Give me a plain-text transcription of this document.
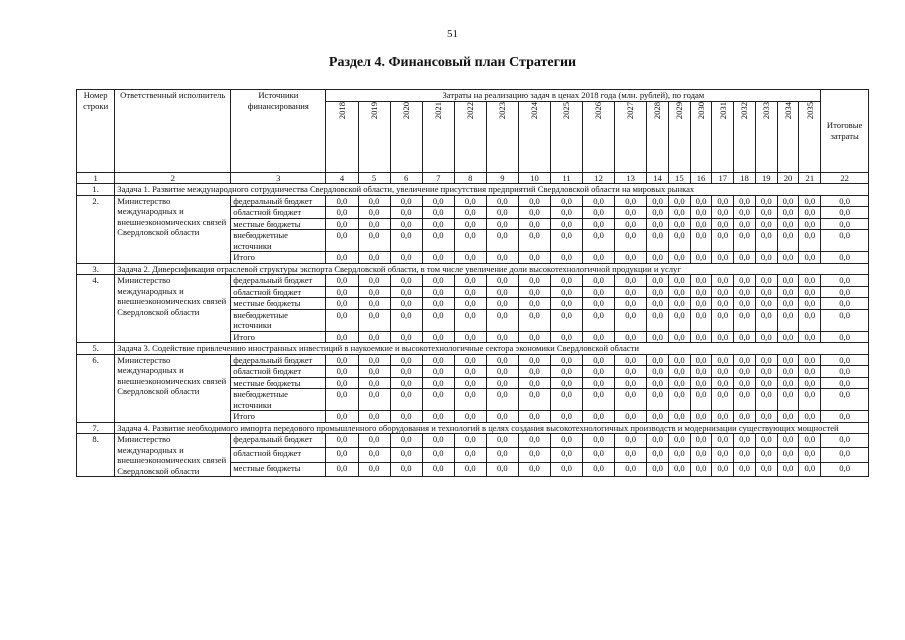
51
Раздел 4. Финансовый план Стратегии
Номер строки	Ответственный исполнитель	Источники финансирования	Затраты на реализацию задач в ценах 2018 года (млн. рублей), по годам																		Итоговые затраты
			2018	2019	2020	2021	2022	2023	2024	2025	2026	2027	2028	2029	2030	2031	2032	2033	2034	2035	
1	2	3	4	5	6	7	8	9	10	11	12	13	14	15	16	17	18	19	20	21	22
1.	Задача 1. Развитие международного сотрудничества Свердловской области, увеличение присутствия предприятий Свердловской области на мировых рынках																				
2.	Министерство международных и внешнеэкономических связей Свердловской области	федеральный бюджет	0,0	0,0	0,0	0,0	0,0	0,0	0,0	0,0	0,0	0,0	0,0	0,0	0,0	0,0	0,0	0,0	0,0	0,0	0,0
		областной бюджет	0,0	0,0	0,0	0,0	0,0	0,0	0,0	0,0	0,0	0,0	0,0	0,0	0,0	0,0	0,0	0,0	0,0	0,0	0,0
		местные бюджеты	0,0	0,0	0,0	0,0	0,0	0,0	0,0	0,0	0,0	0,0	0,0	0,0	0,0	0,0	0,0	0,0	0,0	0,0	0,0
		внебюджетные источники	0,0	0,0	0,0	0,0	0,0	0,0	0,0	0,0	0,0	0,0	0,0	0,0	0,0	0,0	0,0	0,0	0,0	0,0	0,0
		Итого	0,0	0,0	0,0	0,0	0,0	0,0	0,0	0,0	0,0	0,0	0,0	0,0	0,0	0,0	0,0	0,0	0,0	0,0	0,0
3.	Задача 2. Диверсификация отраслевой структуры экспорта Свердловской области, в том числе увеличение доли высокотехнологичной продукции и услуг																				
4.	Министерство международных и внешнеэкономических связей Свердловской области	федеральный бюджет	0,0	0,0	0,0	0,0	0,0	0,0	0,0	0,0	0,0	0,0	0,0	0,0	0,0	0,0	0,0	0,0	0,0	0,0	0,0
		областной бюджет	0,0	0,0	0,0	0,0	0,0	0,0	0,0	0,0	0,0	0,0	0,0	0,0	0,0	0,0	0,0	0,0	0,0	0,0	0,0
		местные бюджеты	0,0	0,0	0,0	0,0	0,0	0,0	0,0	0,0	0,0	0,0	0,0	0,0	0,0	0,0	0,0	0,0	0,0	0,0	0,0
		внебюджетные источники	0,0	0,0	0,0	0,0	0,0	0,0	0,0	0,0	0,0	0,0	0,0	0,0	0,0	0,0	0,0	0,0	0,0	0,0	0,0
		Итого	0,0	0,0	0,0	0,0	0,0	0,0	0,0	0,0	0,0	0,0	0,0	0,0	0,0	0,0	0,0	0,0	0,0	0,0	0,0
5.	Задача 3. Содействие привлечению иностранных инвестиций в наукоемкие и высокотехнологичные сектора экономики Свердловской области																				
6.	Министерство международных и внешнеэкономических связей Свердловской области	федеральный бюджет	0,0	0,0	0,0	0,0	0,0	0,0	0,0	0,0	0,0	0,0	0,0	0,0	0,0	0,0	0,0	0,0	0,0	0,0	0,0
		областной бюджет	0,0	0,0	0,0	0,0	0,0	0,0	0,0	0,0	0,0	0,0	0,0	0,0	0,0	0,0	0,0	0,0	0,0	0,0	0,0
		местные бюджеты	0,0	0,0	0,0	0,0	0,0	0,0	0,0	0,0	0,0	0,0	0,0	0,0	0,0	0,0	0,0	0,0	0,0	0,0	0,0
		внебюджетные источники	0,0	0,0	0,0	0,0	0,0	0,0	0,0	0,0	0,0	0,0	0,0	0,0	0,0	0,0	0,0	0,0	0,0	0,0	0,0
		Итого	0,0	0,0	0,0	0,0	0,0	0,0	0,0	0,0	0,0	0,0	0,0	0,0	0,0	0,0	0,0	0,0	0,0	0,0	0,0
7.	Задача 4. Развитие необходимого импорта передового промышленного оборудования и технологий в целях создания высокотехнологичных производств и модернизации существующих мощностей																				
8.	Министерство международных и внешнеэкономических связей Свердловской области	федеральный бюджет	0,0	0,0	0,0	0,0	0,0	0,0	0,0	0,0	0,0	0,0	0,0	0,0	0,0	0,0	0,0	0,0	0,0	0,0	0,0
		областной бюджет	0,0	0,0	0,0	0,0	0,0	0,0	0,0	0,0	0,0	0,0	0,0	0,0	0,0	0,0	0,0	0,0	0,0	0,0	0,0
		местные бюджеты	0,0	0,0	0,0	0,0	0,0	0,0	0,0	0,0	0,0	0,0	0,0	0,0	0,0	0,0	0,0	0,0	0,0	0,0	0,0
